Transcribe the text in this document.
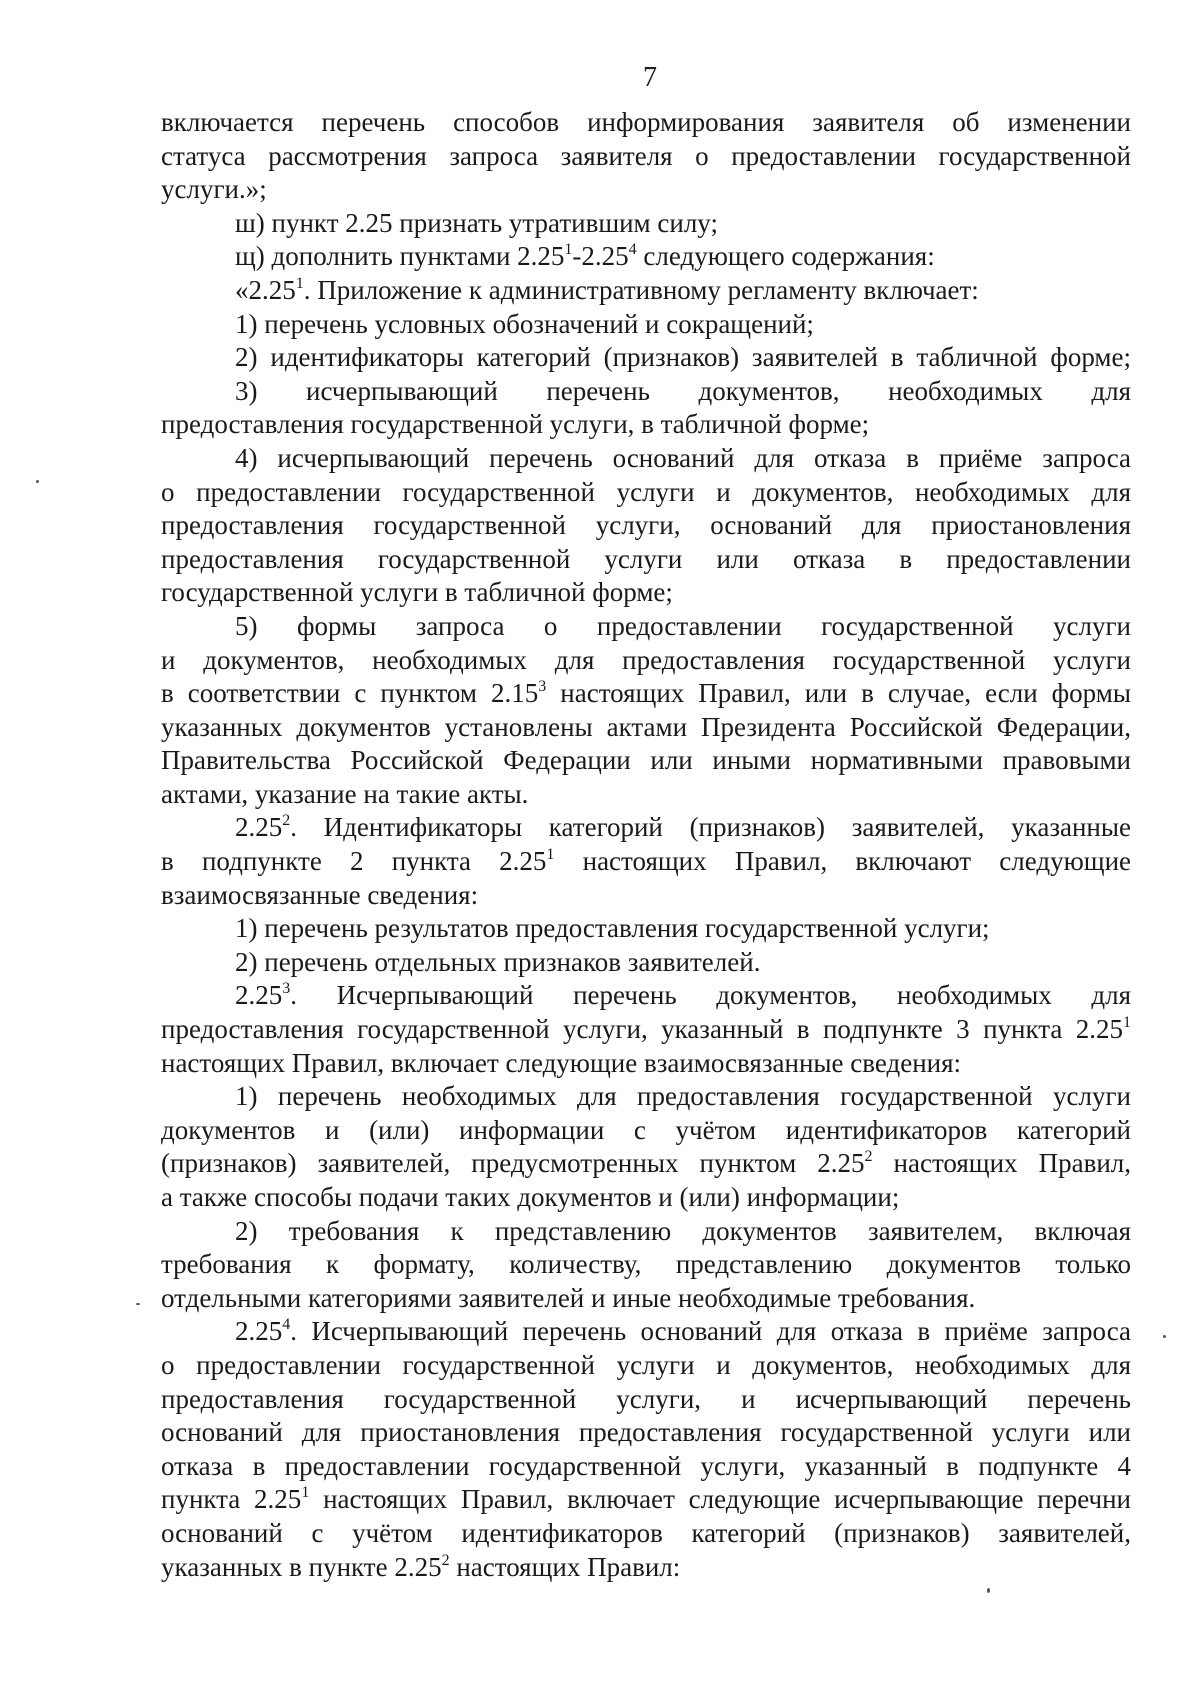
7
включается перечень способов информирования заявителя об изменении
статуса рассмотрения запроса заявителя о предоставлении государственной
услуги.»;
ш) пункт 2.25 признать утратившим силу;
щ) дополнить пунктами 2.25$^1$-2.25$^4$ следующего содержания:
«2.25$^1$. Приложение к административному регламенту включает:
1) перечень условных обозначений и сокращений;
2) идентификаторы категорий (признаков) заявителей в табличной форме;
3) исчерпывающий перечень документов, необходимых для
предоставления государственной услуги, в табличной форме;
4) исчерпывающий перечень оснований для отказа в приёме запроса
о предоставлении государственной услуги и документов, необходимых для
предоставления государственной услуги, оснований для приостановления
предоставления государственной услуги или отказа в предоставлении
государственной услуги в табличной форме;
5) формы запроса о предоставлении государственной услуги
и документов, необходимых для предоставления государственной услуги
в соответствии с пунктом 2.15$^3$ настоящих Правил, или в случае, если формы
указанных документов установлены актами Президента Российской Федерации,
Правительства Российской Федерации или иными нормативными правовыми
актами, указание на такие акты.
2.25$^2$. Идентификаторы категорий (признаков) заявителей, указанные
в подпункте 2 пункта 2.25$^1$ настоящих Правил, включают следующие
взаимосвязанные сведения:
1) перечень результатов предоставления государственной услуги;
2) перечень отдельных признаков заявителей.
2.25$^3$. Исчерпывающий перечень документов, необходимых для
предоставления государственной услуги, указанный в подпункте 3 пункта 2.25$^1$
настоящих Правил, включает следующие взаимосвязанные сведения:
1) перечень необходимых для предоставления государственной услуги
документов и (или) информации с учётом идентификаторов категорий
(признаков) заявителей, предусмотренных пунктом 2.25$^2$ настоящих Правил,
а также способы подачи таких документов и (или) информации;
2) требования к представлению документов заявителем, включая
требования к формату, количеству, представлению документов только
отдельными категориями заявителей и иные необходимые требования.
2.25$^4$. Исчерпывающий перечень оснований для отказа в приёме запроса
о предоставлении государственной услуги и документов, необходимых для
предоставления государственной услуги, и исчерпывающий перечень
оснований для приостановления предоставления государственной услуги или
отказа в предоставлении государственной услуги, указанный в подпункте 4
пункта 2.25$^1$ настоящих Правил, включает следующие исчерпывающие перечни
оснований с учётом идентификаторов категорий (признаков) заявителей,
указанных в пункте 2.25$^2$ настоящих Правил:
